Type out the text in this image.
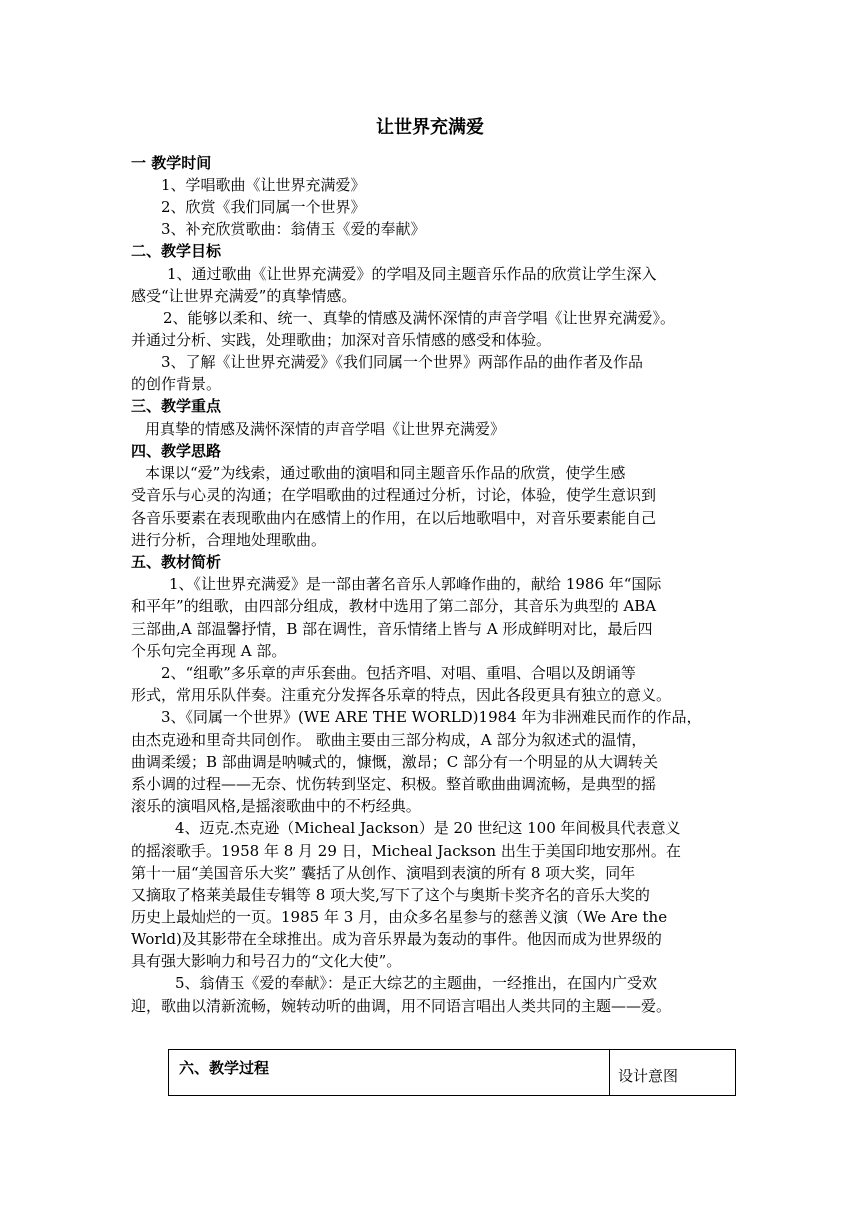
让世界充满爱
一 教学时间
1、学唱歌曲《让世界充满爱》
2、欣赏《我们同属一个世界》
3、补充欣赏歌曲：翁倩玉《爱的奉献》
二、教学目标
1、通过歌曲《让世界充满爱》的学唱及同主题音乐作品的欣赏让学生深入
感受“让世界充满爱”的真挚情感。
2、能够以柔和、统一、真挚的情感及满怀深情的声音学唱《让世界充满爱》。
并通过分析、实践，处理歌曲；加深对音乐情感的感受和体验。
3、了解《让世界充满爱》《我们同属一个世界》两部作品的曲作者及作品
的创作背景。
三、教学重点
用真挚的情感及满怀深情的声音学唱《让世界充满爱》
四、教学思路
本课以“爱”为线索，通过歌曲的演唱和同主题音乐作品的欣赏，使学生感
受音乐与心灵的沟通；在学唱歌曲的过程通过分析，讨论，体验，使学生意识到
各音乐要素在表现歌曲内在感情上的作用，在以后地歌唱中，对音乐要素能自己
进行分析，合理地处理歌曲。
五、教材简析
1、《让世界充满爱》是一部由著名音乐人郭峰作曲的，献给 1986 年“国际
和平年”的组歌，由四部分组成，教材中选用了第二部分，其音乐为典型的 ABA
三部曲,A 部温馨抒情，B 部在调性，音乐情绪上皆与 A 形成鲜明对比，最后四
个乐句完全再现 A 部。
2、“组歌”多乐章的声乐套曲。包括齐唱、对唱、重唱、合唱以及朗诵等
形式，常用乐队伴奏。注重充分发挥各乐章的特点，因此各段更具有独立的意义。
3、《同属一个世界》(WE ARE THE WORLD)1984 年为非洲难民而作的作品，
由杰克逊和里奇共同创作。 歌曲主要由三部分构成，A 部分为叙述式的温情，
曲调柔缓；B 部曲调是呐喊式的，慷慨，激昂；C 部分有一个明显的从大调转关
系小调的过程——无奈、忧伤转到坚定、积极。整首歌曲曲调流畅，是典型的摇
滚乐的演唱风格,是摇滚歌曲中的不朽经典。
4、迈克.杰克逊（Micheal Jackson）是 20 世纪这 100 年间极具代表意义
的摇滚歌手。1958 年 8 月 29 日，Micheal Jackson 出生于美国印地安那州。在
第十一届“美国音乐大奖” 囊括了从创作、演唱到表演的所有 8 项大奖，同年
又摘取了格莱美最佳专辑等 8 项大奖,写下了这个与奥斯卡奖齐名的音乐大奖的
历史上最灿烂的一页。1985 年 3 月，由众多名星参与的慈善义演（We Are the
World)及其影带在全球推出。成为音乐界最为轰动的事件。他因而成为世界级的
具有强大影响力和号召力的“文化大使”。
5、翁倩玉《爱的奉献》：是正大综艺的主题曲，一经推出，在国内广受欢
迎，歌曲以清新流畅，婉转动听的曲调，用不同语言唱出人类共同的主题——爱。
六、教学过程	设计意图
